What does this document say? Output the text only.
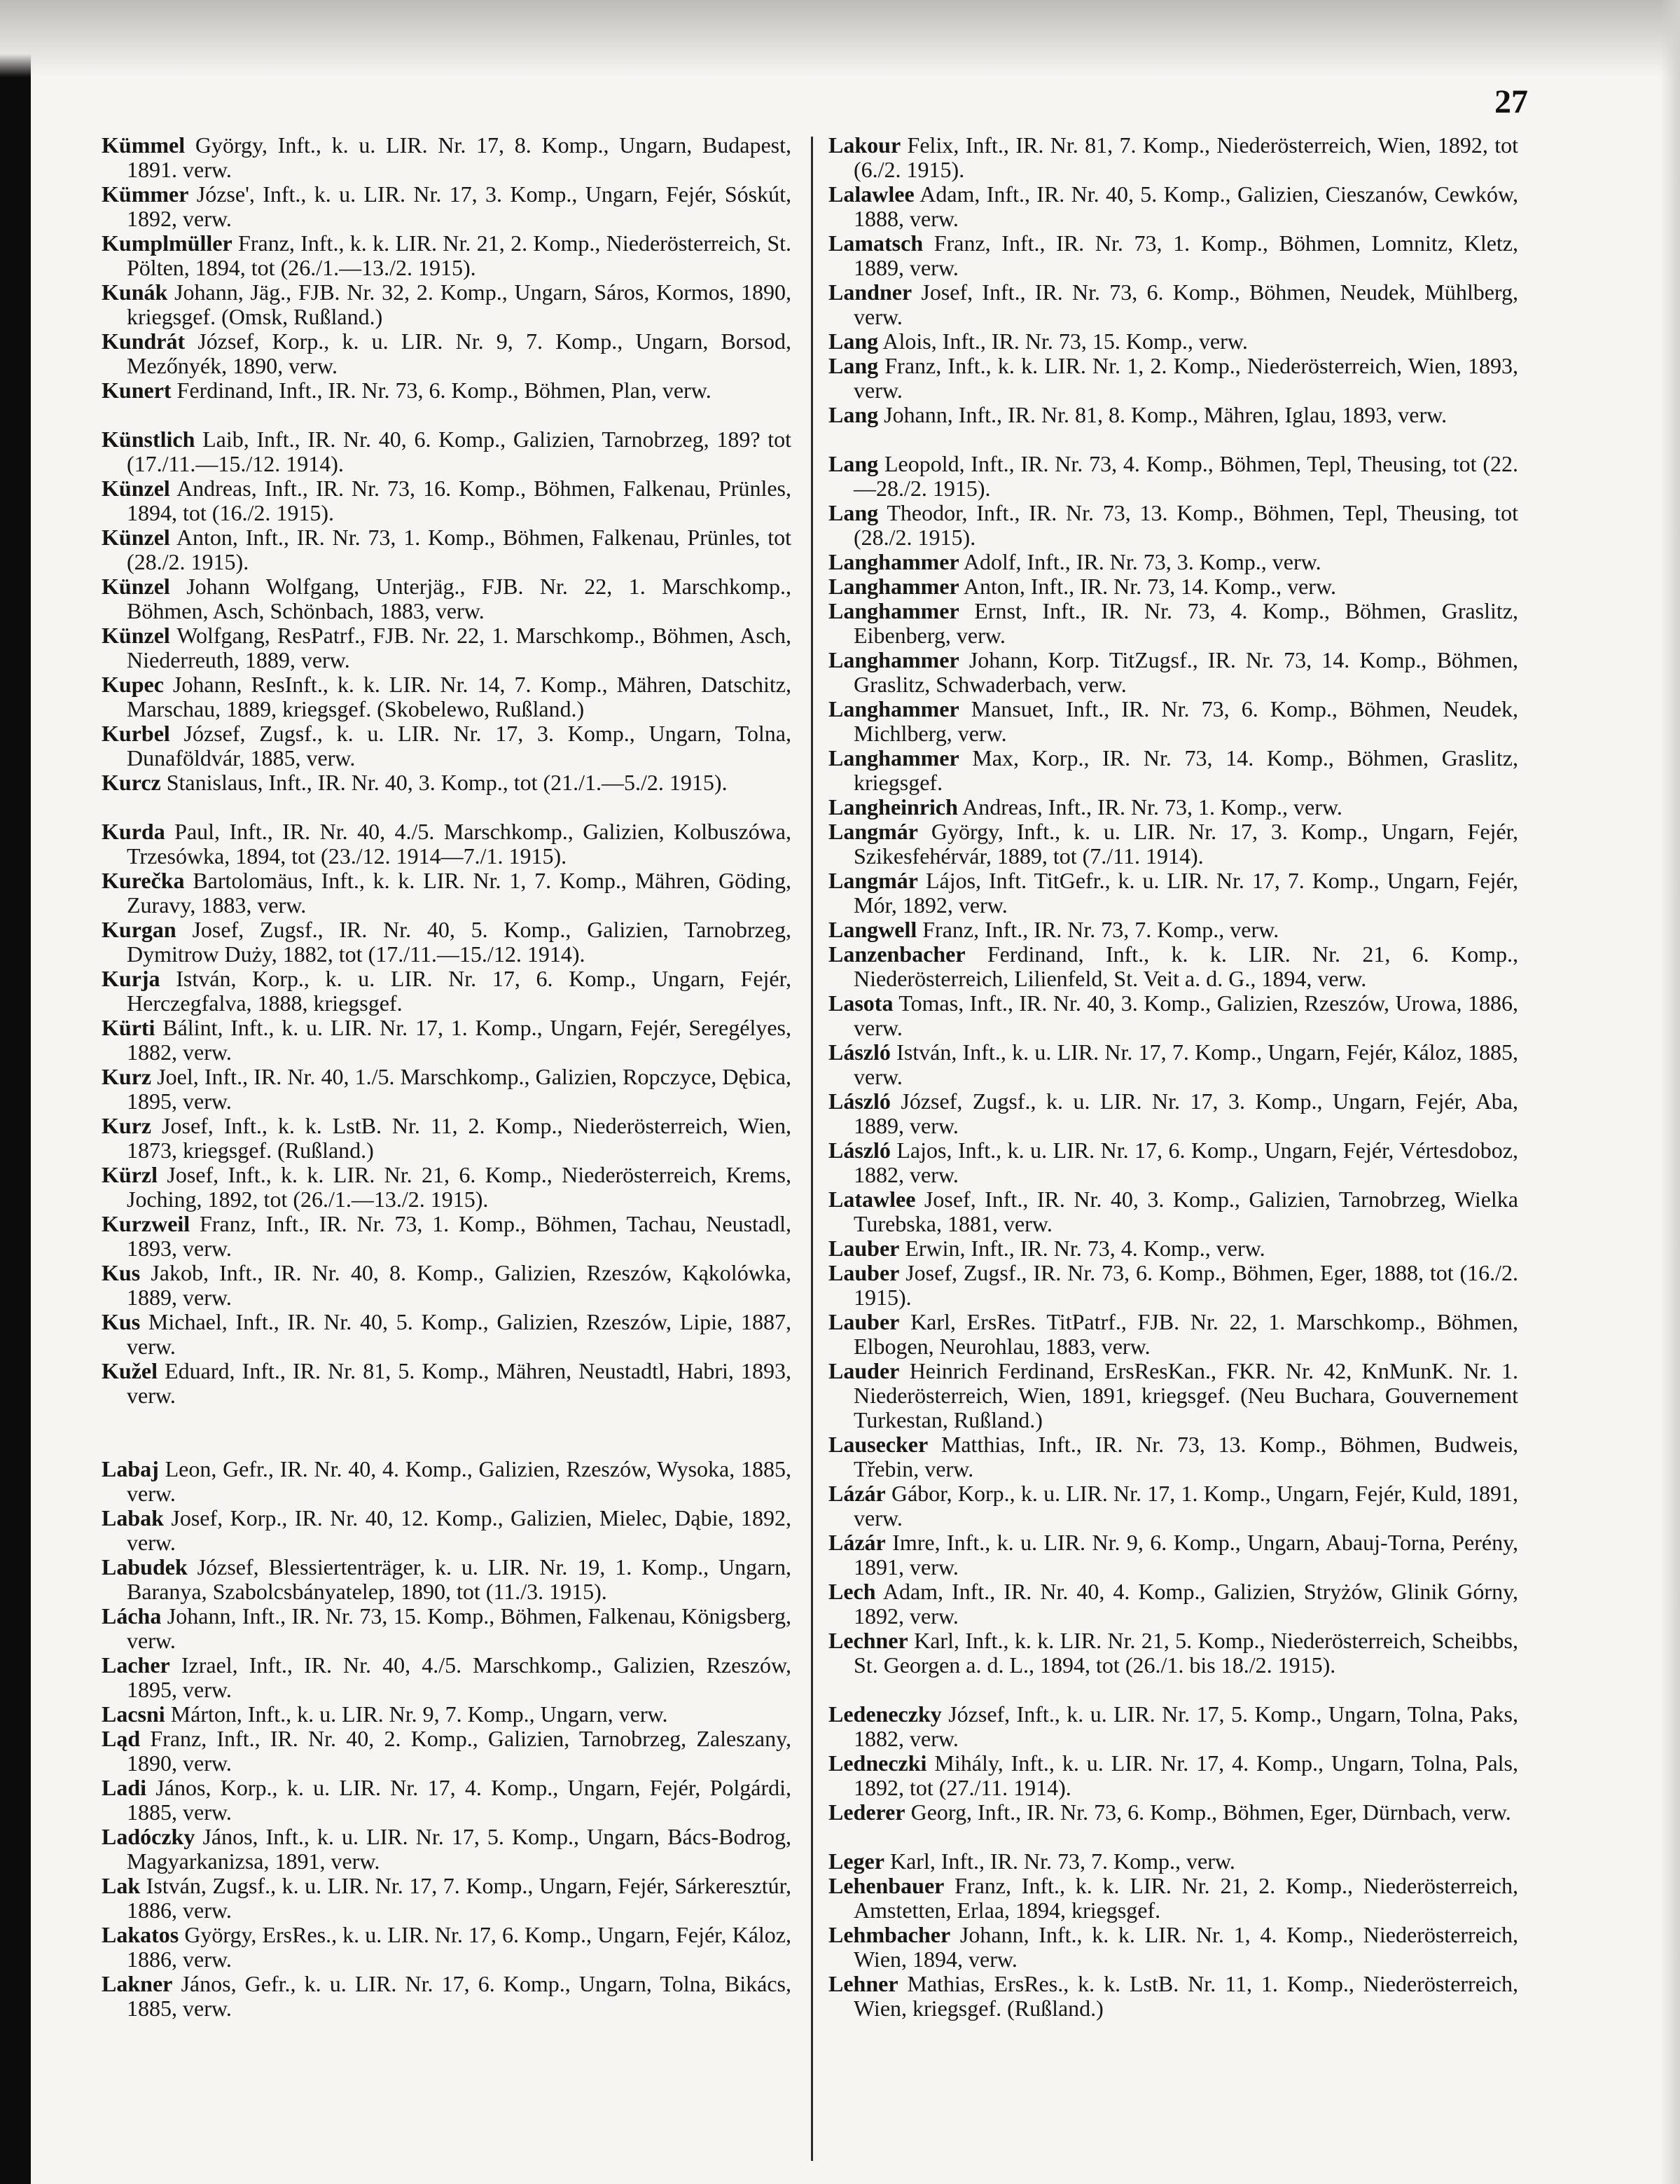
27
Kümmel György, Inft., k. u. LIR. Nr. 17, 8. Komp., Ungarn, Budapest, 1891. verw.
Kümmer Józse', Inft., k. u. LIR. Nr. 17, 3. Komp., Ungarn, Fejér, Sóskút, 1892, verw.
Kumplmüller Franz, Inft., k. k. LIR. Nr. 21, 2. Komp., Niederösterreich, St. Pölten, 1894, tot (26./1.—13./2. 1915).
Kunák Johann, Jäg., FJB. Nr. 32, 2. Komp., Ungarn, Sáros, Kormos, 1890, kriegsgef. (Omsk, Rußland.)
Kundrát József, Korp., k. u. LIR. Nr. 9, 7. Komp., Ungarn, Borsod, Mezőnyék, 1890, verw.
Kunert Ferdinand, Inft., IR. Nr. 73, 6. Komp., Böhmen, Plan, verw.
Künstlich Laib, Inft., IR. Nr. 40, 6. Komp., Galizien, Tarnobrzeg, 189? tot (17./11.—15./12. 1914).
Künzel Andreas, Inft., IR. Nr. 73, 16. Komp., Böhmen, Falkenau, Prünles, 1894, tot (16./2. 1915).
Künzel Anton, Inft., IR. Nr. 73, 1. Komp., Böhmen, Falkenau, Prünles, tot (28./2. 1915).
Künzel Johann Wolfgang, Unterjäg., FJB. Nr. 22, 1. Marschkomp., Böhmen, Asch, Schönbach, 1883, verw.
Künzel Wolfgang, ResPatrf., FJB. Nr. 22, 1. Marschkomp., Böhmen, Asch, Niederreuth, 1889, verw.
Kupec Johann, ResInft., k. k. LIR. Nr. 14, 7. Komp., Mähren, Datschitz, Marschau, 1889, kriegsgef. (Skobelewo, Rußland.)
Kurbel József, Zugsf., k. u. LIR. Nr. 17, 3. Komp., Ungarn, Tolna, Dunaföldvár, 1885, verw.
Kurcz Stanislaus, Inft., IR. Nr. 40, 3. Komp., tot (21./1.—5./2. 1915).
Kurda Paul, Inft., IR. Nr. 40, 4./5. Marschkomp., Galizien, Kolbuszówa, Trzesówka, 1894, tot (23./12. 1914—7./1. 1915).
Kurečka Bartolomäus, Inft., k. k. LIR. Nr. 1, 7. Komp., Mähren, Göding, Zuravy, 1883, verw.
Kurgan Josef, Zugsf., IR. Nr. 40, 5. Komp., Galizien, Tarnobrzeg, Dymitrow Duży, 1882, tot (17./11.—15./12. 1914).
Kurja István, Korp., k. u. LIR. Nr. 17, 6. Komp., Ungarn, Fejér, Herczegfalva, 1888, kriegsgef.
Kürti Bálint, Inft., k. u. LIR. Nr. 17, 1. Komp., Ungarn, Fejér, Seregélyes, 1882, verw.
Kurz Joel, Inft., IR. Nr. 40, 1./5. Marschkomp., Galizien, Ropczyce, Dębica, 1895, verw.
Kurz Josef, Inft., k. k. LstB. Nr. 11, 2. Komp., Niederösterreich, Wien, 1873, kriegsgef. (Rußland.)
Kürzl Josef, Inft., k. k. LIR. Nr. 21, 6. Komp., Niederösterreich, Krems, Joching, 1892, tot (26./1.—13./2. 1915).
Kurzweil Franz, Inft., IR. Nr. 73, 1. Komp., Böhmen, Tachau, Neustadl, 1893, verw.
Kus Jakob, Inft., IR. Nr. 40, 8. Komp., Galizien, Rzeszów, Kąkolówka, 1889, verw.
Kus Michael, Inft., IR. Nr. 40, 5. Komp., Galizien, Rzeszów, Lipie, 1887, verw.
Kužel Eduard, Inft., IR. Nr. 81, 5. Komp., Mähren, Neustadtl, Habri, 1893, verw.
Labaj Leon, Gefr., IR. Nr. 40, 4. Komp., Galizien, Rzeszów, Wysoka, 1885, verw.
Labak Josef, Korp., IR. Nr. 40, 12. Komp., Galizien, Mielec, Dąbie, 1892, verw.
Labudek József, Blessiertenträger, k. u. LIR. Nr. 19, 1. Komp., Ungarn, Baranya, Szabolcsbányatelep, 1890, tot (11./3. 1915).
Lácha Johann, Inft., IR. Nr. 73, 15. Komp., Böhmen, Falkenau, Königsberg, verw.
Lacher Izrael, Inft., IR. Nr. 40, 4./5. Marschkomp., Galizien, Rzeszów, 1895, verw.
Lacsni Márton, Inft., k. u. LIR. Nr. 9, 7. Komp., Ungarn, verw.
Ląd Franz, Inft., IR. Nr. 40, 2. Komp., Galizien, Tarnobrzeg, Zaleszany, 1890, verw.
Ladi János, Korp., k. u. LIR. Nr. 17, 4. Komp., Ungarn, Fejér, Polgárdi, 1885, verw.
Ladóczky János, Inft., k. u. LIR. Nr. 17, 5. Komp., Ungarn, Bács-Bodrog, Magyarkanizsa, 1891, verw.
Lak István, Zugsf., k. u. LIR. Nr. 17, 7. Komp., Ungarn, Fejér, Sárkeresztúr, 1886, verw.
Lakatos György, ErsRes., k. u. LIR. Nr. 17, 6. Komp., Ungarn, Fejér, Káloz, 1886, verw.
Lakner János, Gefr., k. u. LIR. Nr. 17, 6. Komp., Ungarn, Tolna, Bikács, 1885, verw.
Lakour Felix, Inft., IR. Nr. 81, 7. Komp., Niederösterreich, Wien, 1892, tot (6./2. 1915).
Lalawlee Adam, Inft., IR. Nr. 40, 5. Komp., Galizien, Cieszanów, Cewków, 1888, verw.
Lamatsch Franz, Inft., IR. Nr. 73, 1. Komp., Böhmen, Lomnitz, Kletz, 1889, verw.
Landner Josef, Inft., IR. Nr. 73, 6. Komp., Böhmen, Neudek, Mühlberg, verw.
Lang Alois, Inft., IR. Nr. 73, 15. Komp., verw.
Lang Franz, Inft., k. k. LIR. Nr. 1, 2. Komp., Niederösterreich, Wien, 1893, verw.
Lang Johann, Inft., IR. Nr. 81, 8. Komp., Mähren, Iglau, 1893, verw.
Lang Leopold, Inft., IR. Nr. 73, 4. Komp., Böhmen, Tepl, Theusing, tot (22.—28./2. 1915).
Lang Theodor, Inft., IR. Nr. 73, 13. Komp., Böhmen, Tepl, Theusing, tot (28./2. 1915).
Langhammer Adolf, Inft., IR. Nr. 73, 3. Komp., verw.
Langhammer Anton, Inft., IR. Nr. 73, 14. Komp., verw.
Langhammer Ernst, Inft., IR. Nr. 73, 4. Komp., Böhmen, Graslitz, Eibenberg, verw.
Langhammer Johann, Korp. TitZugsf., IR. Nr. 73, 14. Komp., Böhmen, Graslitz, Schwaderbach, verw.
Langhammer Mansuet, Inft., IR. Nr. 73, 6. Komp., Böhmen, Neudek, Michlberg, verw.
Langhammer Max, Korp., IR. Nr. 73, 14. Komp., Böhmen, Graslitz, kriegsgef.
Langheinrich Andreas, Inft., IR. Nr. 73, 1. Komp., verw.
Langmár György, Inft., k. u. LIR. Nr. 17, 3. Komp., Ungarn, Fejér, Szikesfehérvár, 1889, tot (7./11. 1914).
Langmár Lájos, Inft. TitGefr., k. u. LIR. Nr. 17, 7. Komp., Ungarn, Fejér, Mór, 1892, verw.
Langwell Franz, Inft., IR. Nr. 73, 7. Komp., verw.
Lanzenbacher Ferdinand, Inft., k. k. LIR. Nr. 21, 6. Komp., Niederösterreich, Lilienfeld, St. Veit a. d. G., 1894, verw.
Lasota Tomas, Inft., IR. Nr. 40, 3. Komp., Galizien, Rzeszów, Urowa, 1886, verw.
László István, Inft., k. u. LIR. Nr. 17, 7. Komp., Ungarn, Fejér, Káloz, 1885, verw.
László József, Zugsf., k. u. LIR. Nr. 17, 3. Komp., Ungarn, Fejér, Aba, 1889, verw.
László Lajos, Inft., k. u. LIR. Nr. 17, 6. Komp., Ungarn, Fejér, Vértesdoboz, 1882, verw.
Latawlee Josef, Inft., IR. Nr. 40, 3. Komp., Galizien, Tarnobrzeg, Wielka Turebska, 1881, verw.
Lauber Erwin, Inft., IR. Nr. 73, 4. Komp., verw.
Lauber Josef, Zugsf., IR. Nr. 73, 6. Komp., Böhmen, Eger, 1888, tot (16./2. 1915).
Lauber Karl, ErsRes. TitPatrf., FJB. Nr. 22, 1. Marschkomp., Böhmen, Elbogen, Neurohlau, 1883, verw.
Lauder Heinrich Ferdinand, ErsResKan., FKR. Nr. 42, KnMunK. Nr. 1. Niederösterreich, Wien, 1891, kriegsgef. (Neu Buchara, Gouvernement Turkestan, Rußland.)
Lausecker Matthias, Inft., IR. Nr. 73, 13. Komp., Böhmen, Budweis, Třebin, verw.
Lázár Gábor, Korp., k. u. LIR. Nr. 17, 1. Komp., Ungarn, Fejér, Kuld, 1891, verw.
Lázár Imre, Inft., k. u. LIR. Nr. 9, 6. Komp., Ungarn, Abauj-Torna, Perény, 1891, verw.
Lech Adam, Inft., IR. Nr. 40, 4. Komp., Galizien, Stryżów, Glinik Górny, 1892, verw.
Lechner Karl, Inft., k. k. LIR. Nr. 21, 5. Komp., Niederösterreich, Scheibbs, St. Georgen a. d. L., 1894, tot (26./1. bis 18./2. 1915).
Ledeneczky József, Inft., k. u. LIR. Nr. 17, 5. Komp., Ungarn, Tolna, Paks, 1882, verw.
Ledneczki Mihály, Inft., k. u. LIR. Nr. 17, 4. Komp., Ungarn, Tolna, Pals, 1892, tot (27./11. 1914).
Lederer Georg, Inft., IR. Nr. 73, 6. Komp., Böhmen, Eger, Dürnbach, verw.
Leger Karl, Inft., IR. Nr. 73, 7. Komp., verw.
Lehenbauer Franz, Inft., k. k. LIR. Nr. 21, 2. Komp., Niederösterreich, Amstetten, Erlaa, 1894, kriegsgef.
Lehmbacher Johann, Inft., k. k. LIR. Nr. 1, 4. Komp., Niederösterreich, Wien, 1894, verw.
Lehner Mathias, ErsRes., k. k. LstB. Nr. 11, 1. Komp., Niederösterreich, Wien, kriegsgef. (Rußland.)
